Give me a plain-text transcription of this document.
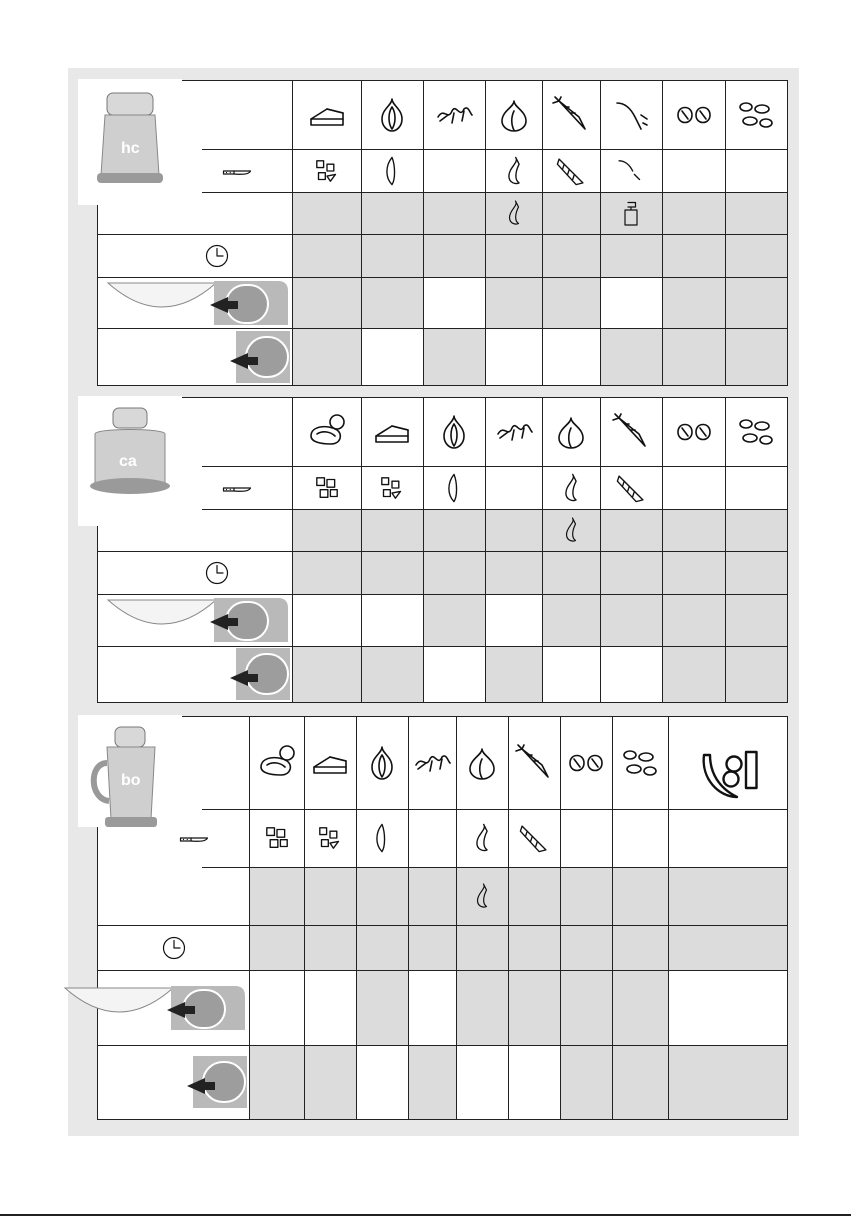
hc
ca
bo
